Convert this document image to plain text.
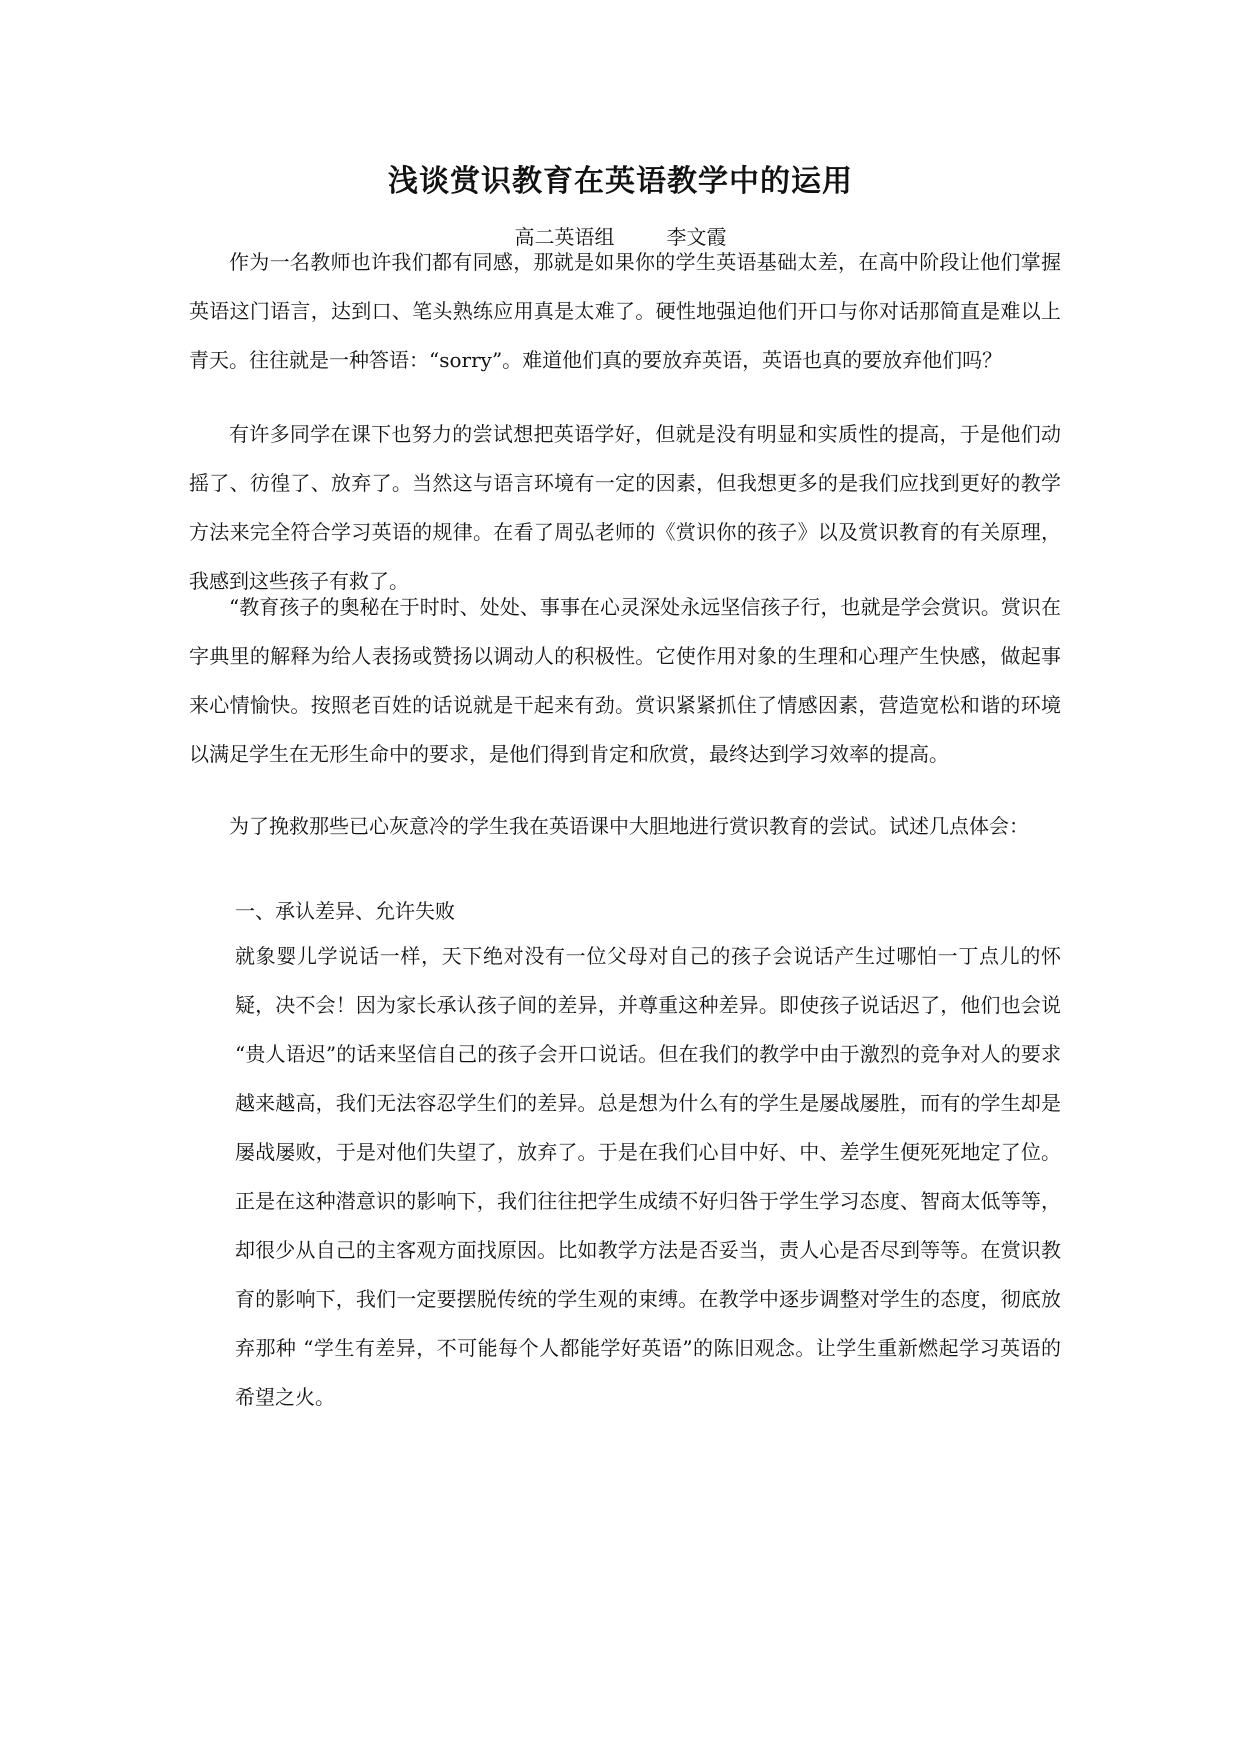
浅谈赏识教育在英语教学中的运用
高二英语组	李文霞

作为一名教师也许我们都有同感，那就是如果你的学生英语基础太差，在高中阶段让他们掌握英语这门语言，达到口、笔头熟练应用真是太难了。硬性地强迫他们开口与你对话那简直是难以上青天。往往就是一种答语：“sorry”。难道他们真的要放弃英语，英语也真的要放弃他们吗？

有许多同学在课下也努力的尝试想把英语学好，但就是没有明显和实质性的提高，于是他们动摇了、彷徨了、放弃了。当然这与语言环境有一定的因素，但我想更多的是我们应找到更好的教学方法来完全符合学习英语的规律。在看了周弘老师的《赏识你的孩子》以及赏识教育的有关原理，我感到这些孩子有救了。

“教育孩子的奥秘在于时时、处处、事事在心灵深处永远坚信孩子行，也就是学会赏识。赏识在字典里的解释为给人表扬或赞扬以调动人的积极性。它使作用对象的生理和心理产生快感，做起事来心情愉快。按照老百姓的话说就是干起来有劲。赏识紧紧抓住了情感因素，营造宽松和谐的环境以满足学生在无形生命中的要求，是他们得到肯定和欣赏，最终达到学习效率的提高。

为了挽救那些已心灰意冷的学生我在英语课中大胆地进行赏识教育的尝试。试述几点体会：

一、承认差异、允许失败

就象婴儿学说话一样，天下绝对没有一位父母对自己的孩子会说话产生过哪怕一丁点儿的怀疑，决不会！因为家长承认孩子间的差异，并尊重这种差异。即使孩子说话迟了，他们也会说 “贵人语迟”的话来坚信自己的孩子会开口说话。但在我们的教学中由于激烈的竞争对人的要求越来越高，我们无法容忍学生们的差异。总是想为什么有的学生是屡战屡胜，而有的学生却是屡战屡败，于是对他们失望了，放弃了。于是在我们心目中好、中、差学生便死死地定了位。正是在这种潜意识的影响下，我们往往把学生成绩不好归咎于学生学习态度、智商太低等等，却很少从自己的主客观方面找原因。比如教学方法是否妥当，责人心是否尽到等等。在赏识教育的影响下，我们一定要摆脱传统的学生观的束缚。在教学中逐步调整对学生的态度，彻底放弃那种 “学生有差异，不可能每个人都能学好英语”的陈旧观念。让学生重新燃起学习英语的希望之火。
